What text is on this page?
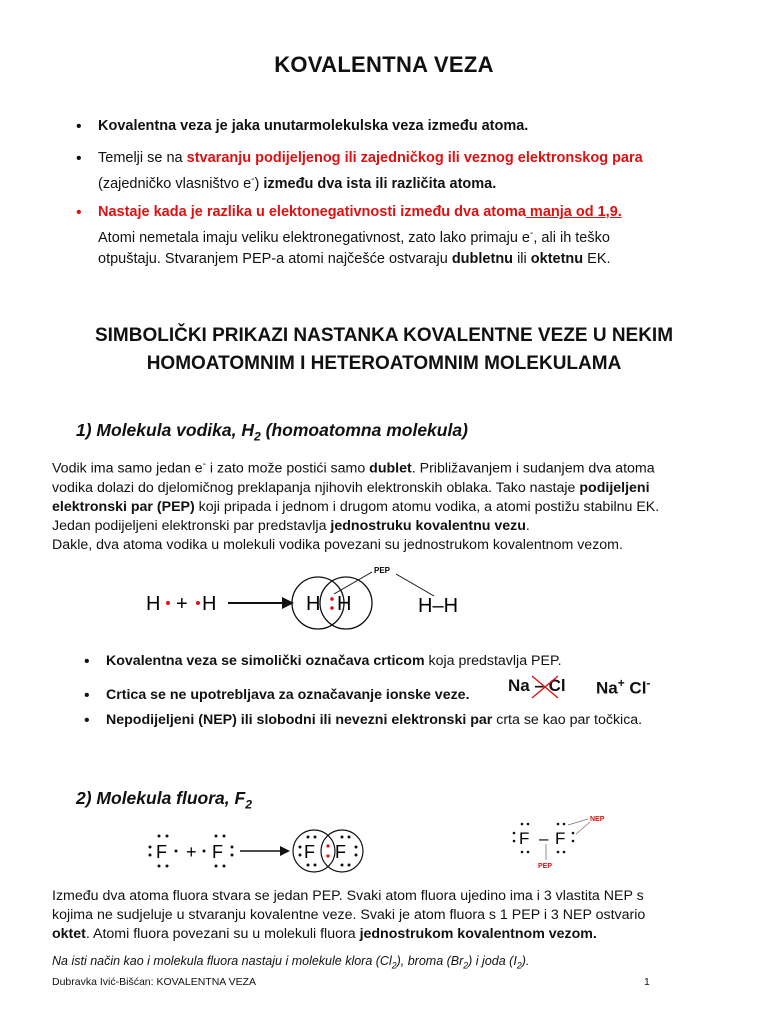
KOVALENTNA VEZA
• Kovalentna veza je jaka unutarmolekulska veza između atoma.
• Temelji se na stvaranju podijeljenog ili zajedničkog ili veznog elektronskog para
(zajedničko vlasništvo e-) između dva ista ili različita atoma.
• Nastaje kada je razlika u elektonegativnosti između dva atoma manja od 1,9.
Atomi nemetala imaju veliku elektronegativnost, zato lako primaju e-, ali ih teško
otpuštaju. Stvaranjem PEP-a atomi najčešće ostvaraju dubletnu ili oktetnu EK.
SIMBOLIČKI PRIKAZI NASTANKA KOVALENTNE VEZE U NEKIM
HOMOATOMNIM I HETEROATOMNIM MOLEKULAMA
1) Molekula vodika, $H_2$ (homoatomna molekula)
Vodik ima samo jedan e- i zato može postići samo dublet. Približavanjem i sudanjem dva atoma
vodika dolazi do djelomičnog preklapanja njihovih elektronskih oblaka. Tako nastaje podijeljeni
elektronski par (PEP) koji pripada i jednom i drugom atomu vodika, a atomi postižu stabilnu EK.
Jedan podijeljeni elektronski par predstavlja jednostruku kovalentnu vezu.
Dakle, dva atoma vodika u molekuli vodika povezani su jednostrukom kovalentnom vezom.
H + H	H H
PEP
H–H
• Kovalentna veza se simolički označava crticom koja predstavlja PEP.
• Crtica se ne upotrebljava za označavanje ionske veze.	Na – Cl Na+ Cl-
• Nepodijeljeni (NEP) ili slobodni ili nevezni elektronski par crta se kao par točkica.
2) Molekula fluora, $F_2$
F + F	F F
F – F
NEP
PEP
Između dva atoma fluora stvara se jedan PEP. Svaki atom fluora ujedino ima i 3 vlastita NEP s
kojima ne sudjeluje u stvaranju kovalentne veze. Svaki je atom fluora s 1 PEP i 3 NEP ostvario
oktet. Atomi fluora povezani su u molekuli fluora jednostrukom kovalentnom vezom.
Na isti način kao i molekula fluora nastaju i molekule klora $(Cl_2)$, broma $(Br_2)$ i joda $(I_2)$.
Dubravka Ivić-Bišćan: KOVALENTNA VEZA	1
